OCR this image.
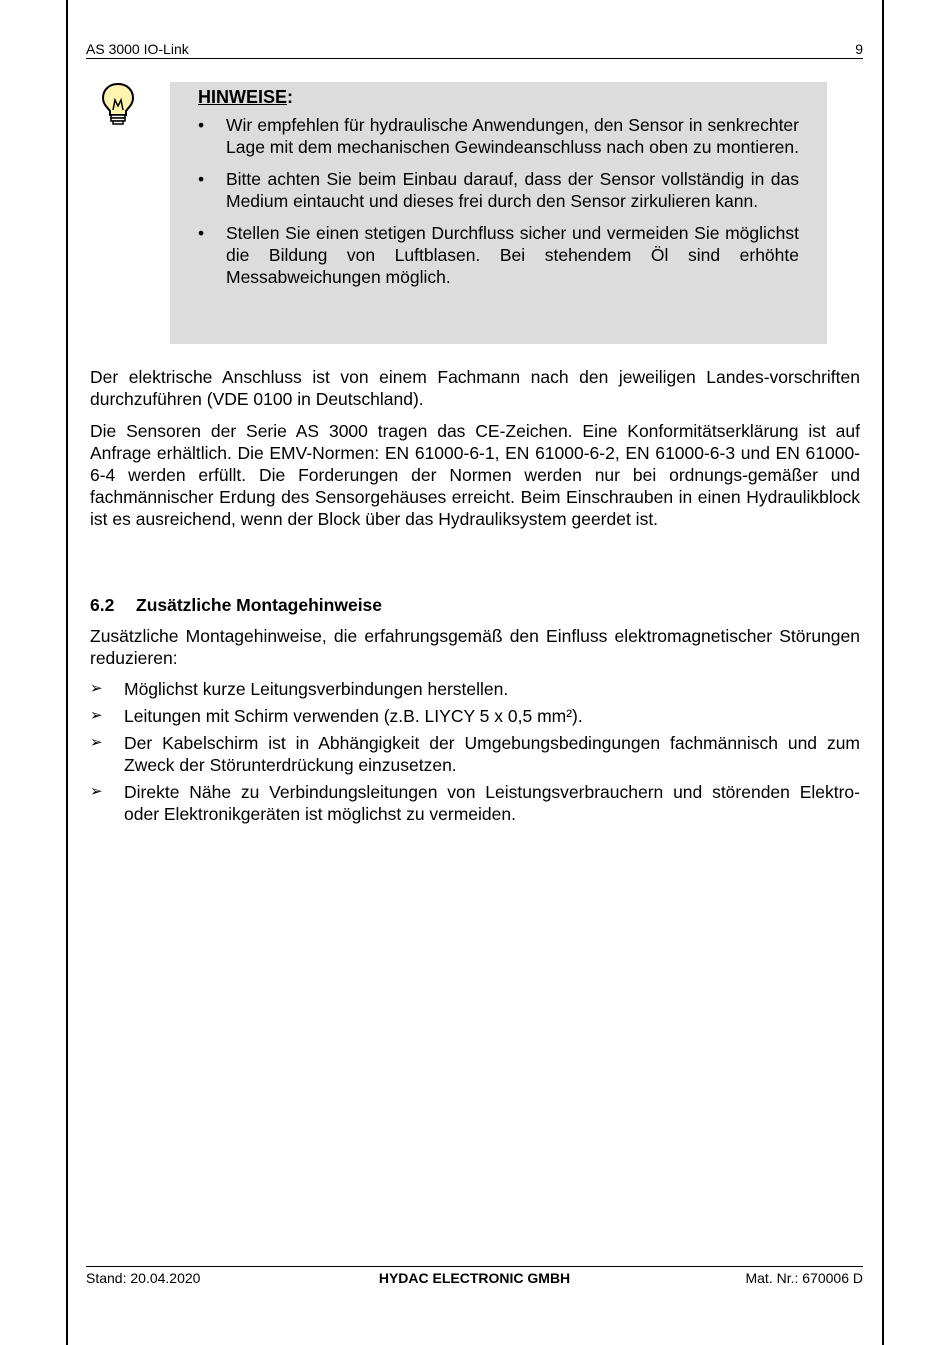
AS 3000 IO-Link	9

HINWEISE:

• Wir empfehlen für hydraulische Anwendungen, den Sensor in senkrechter Lage mit dem mechanischen Gewindeanschluss nach oben zu montieren.
• Bitte achten Sie beim Einbau darauf, dass der Sensor vollständig in das Medium eintaucht und dieses frei durch den Sensor zirkulieren kann.
• Stellen Sie einen stetigen Durchfluss sicher und vermeiden Sie möglichst die Bildung von Luftblasen. Bei stehendem Öl sind erhöhte Messabweichungen möglich.

Der elektrische Anschluss ist von einem Fachmann nach den jeweiligen Landes-vorschriften durchzuführen (VDE 0100 in Deutschland).

Die Sensoren der Serie AS 3000 tragen das CE-Zeichen. Eine Konformitätserklärung ist auf Anfrage erhältlich. Die EMV-Normen: EN 61000-6-1, EN 61000-6-2, EN 61000-6-3 und EN 61000-6-4 werden erfüllt. Die Forderungen der Normen werden nur bei ordnungs-gemäßer und fachmännischer Erdung des Sensorgehäuses erreicht. Beim Einschrauben in einen Hydraulikblock ist es ausreichend, wenn der Block über das Hydrauliksystem geerdet ist.

6.2 Zusätzliche Montagehinweise

Zusätzliche Montagehinweise, die erfahrungsgemäß den Einfluss elektromagnetischer Störungen reduzieren:

➢ Möglichst kurze Leitungsverbindungen herstellen.
➢ Leitungen mit Schirm verwenden (z.B. LIYCY 5 x 0,5 mm²).
➢ Der Kabelschirm ist in Abhängigkeit der Umgebungsbedingungen fachmännisch und zum Zweck der Störunterdrückung einzusetzen.
➢ Direkte Nähe zu Verbindungsleitungen von Leistungsverbrauchern und störenden Elektro- oder Elektronikgeräten ist möglichst zu vermeiden.
Stand: 20.04.2020	HYDAC ELECTRONIC GMBH	Mat. Nr.: 670006 D
